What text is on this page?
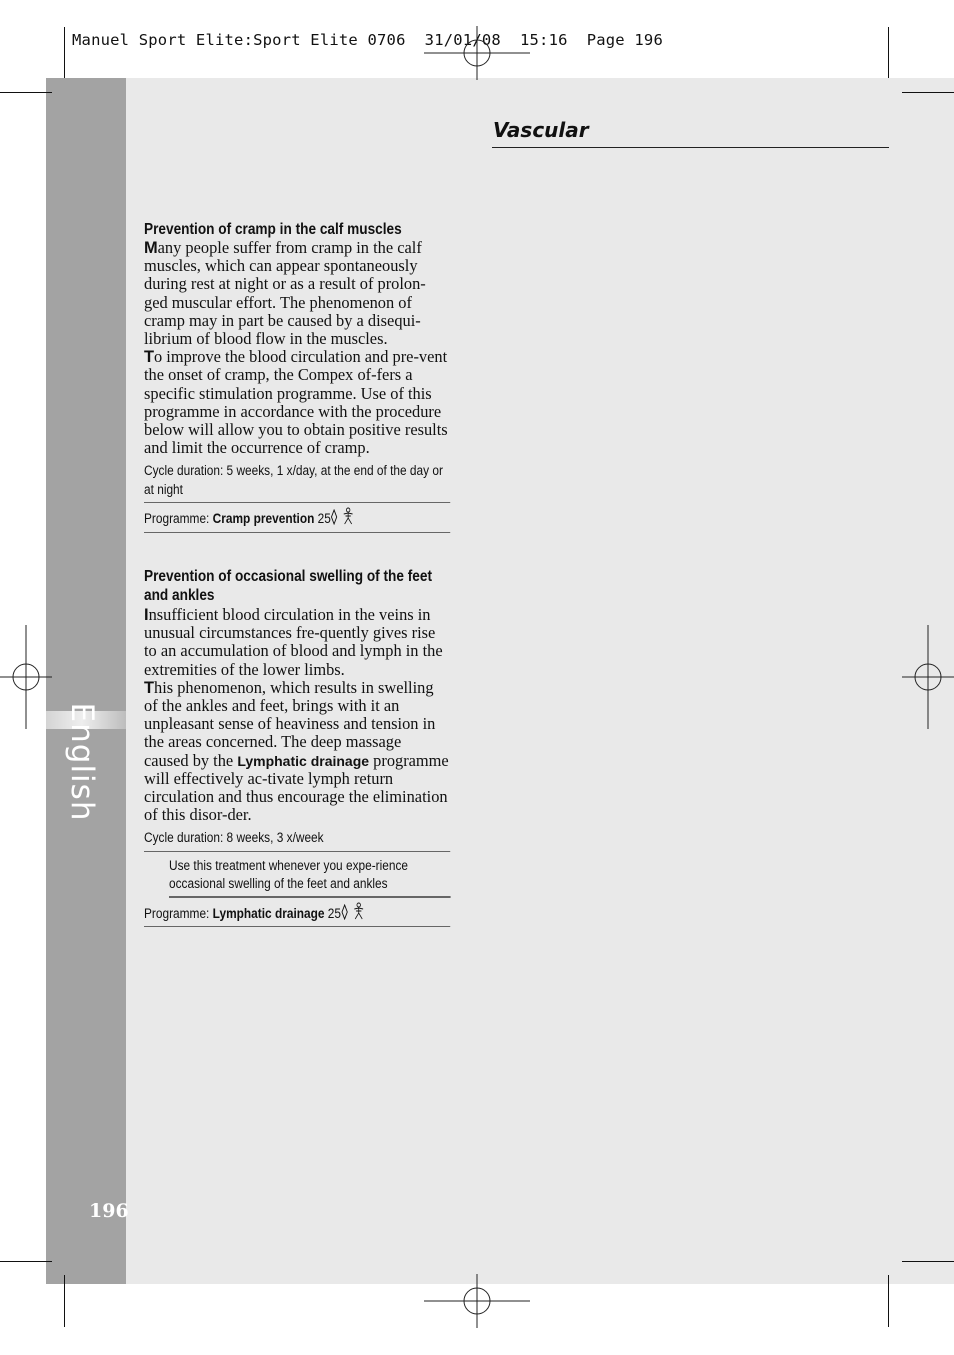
Manuel Sport Elite:Sport Elite 0706  31/01/08  15:16  Page 196
English
196
Vascular
Prevention of cramp in the calf muscles

Many people suffer from cramp in the calf muscles, which can appear spontaneously during rest at night or as a result of prolon-ged muscular effort. The phenomenon of cramp may in part be caused by a disequi-librium of blood flow in the muscles.

To improve the blood circulation and pre-vent the onset of cramp, the Compex of-fers a specific stimulation programme. Use of this programme in accordance with the procedure below will allow you to obtain positive results and limit the occurrence of cramp.

Cycle duration: 5 weeks, 1 x/day, at the end of the day or at night
Programme: Cramp prevention 25
Prevention of occasional swelling of the feet and ankles

Insufficient blood circulation in the veins in unusual circumstances fre-quently gives rise to an accumulation of blood and lymph in the extremities of the lower limbs.

This phenomenon, which results in swelling of the ankles and feet, brings with it an unpleasant sense of heaviness and tension in the areas concerned. The deep massage caused by the Lymphatic drainage programme will effectively ac-tivate lymph return circulation and thus encourage the elimination of this disor-der.

Cycle duration: 8 weeks, 3 x/week
Use this treatment whenever you expe-rience occasional swelling of the feet and ankles
Programme: Lymphatic drainage 25
